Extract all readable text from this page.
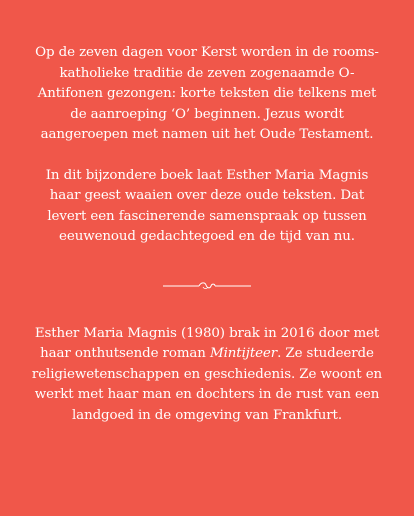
Op de zeven dagen voor Kerst worden in de rooms-katholieke traditie de zeven zogenaamde O-Antifonen gezongen: korte teksten die telkens met de aanroeping ‘O’ beginnen. Jezus wordt aangeroepen met namen uit het Oude Testament.

In dit bijzondere boek laat Esther Maria Magnis haar geest waaien over deze oude teksten. Dat levert een fascinerende samenspraak op tussen eeuwenoud gedachtegoed en de tijd van nu.

Esther Maria Magnis (1980) brak in 2016 door met haar onthutsende roman Mintijteer. Ze studeerde religiewetenschappen en geschiedenis. Ze woont en werkt met haar man en dochters in de rust van een landgoed in de omgeving van Frankfurt.
